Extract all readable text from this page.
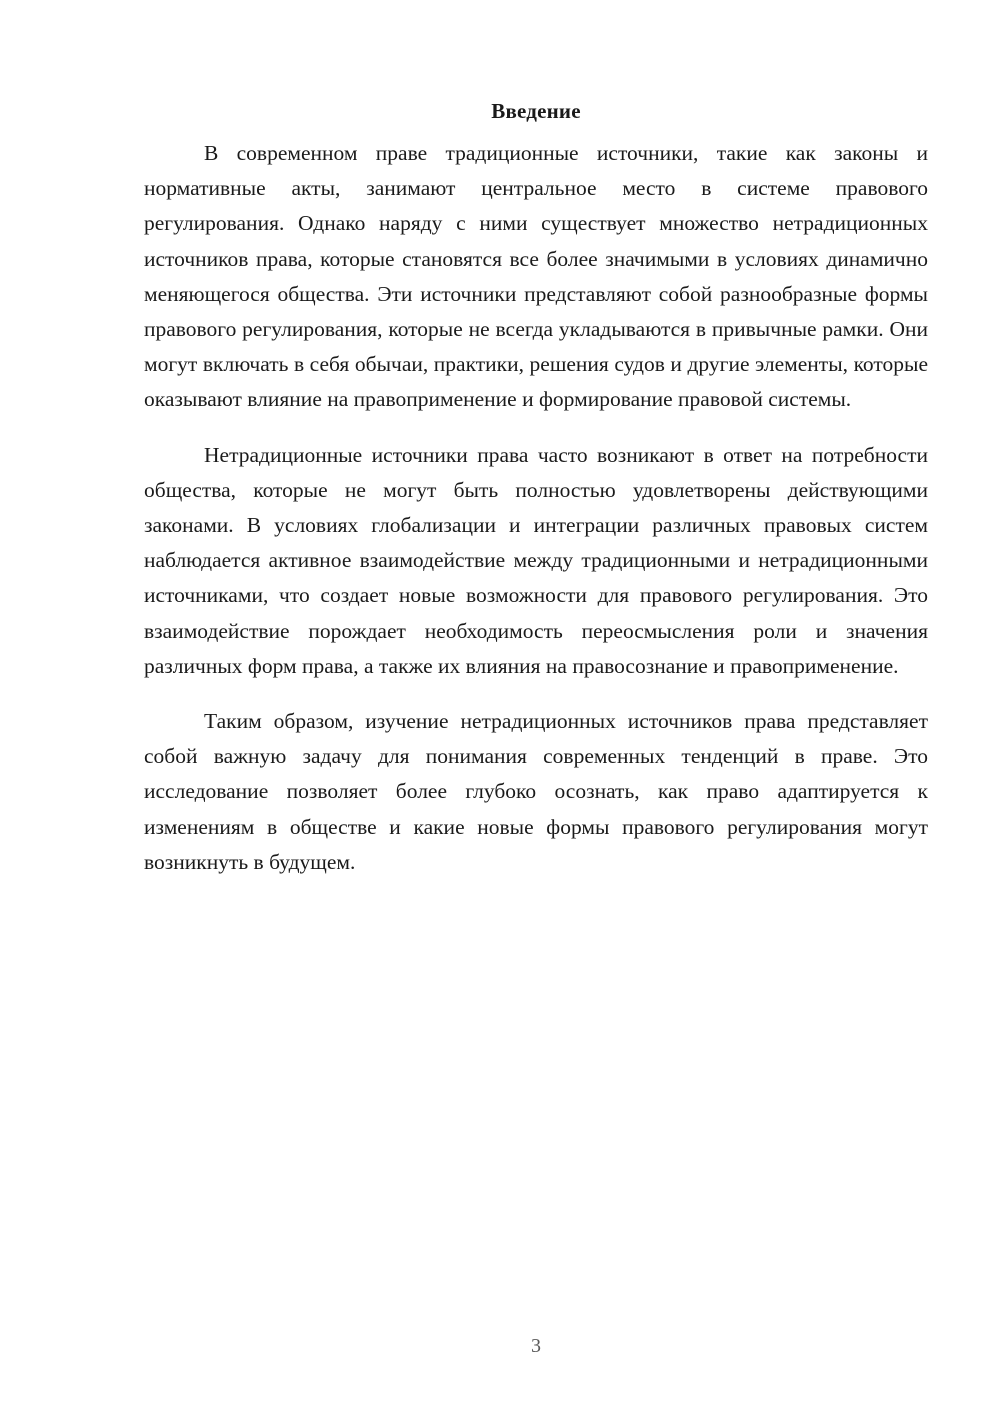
Введение

В современном праве традиционные источники, такие как законы и нормативные акты, занимают центральное место в системе правового регулирования. Однако наряду с ними существует множество нетрадиционных источников права, которые становятся все более значимыми в условиях динамично меняющегося общества. Эти источники представляют собой разнообразные формы правового регулирования, которые не всегда укладываются в привычные рамки. Они могут включать в себя обычаи, практики, решения судов и другие элементы, которые оказывают влияние на правоприменение и формирование правовой системы.

Нетрадиционные источники права часто возникают в ответ на потребности общества, которые не могут быть полностью удовлетворены действующими законами. В условиях глобализации и интеграции различных правовых систем наблюдается активное взаимодействие между традиционными и нетрадиционными источниками, что создает новые возможности для правового регулирования. Это взаимодействие порождает необходимость переосмысления роли и значения различных форм права, а также их влияния на правосознание и правоприменение.

Таким образом, изучение нетрадиционных источников права представляет собой важную задачу для понимания современных тенденций в праве. Это исследование позволяет более глубоко осознать, как право адаптируется к изменениям в обществе и какие новые формы правового регулирования могут возникнуть в будущем.

3
